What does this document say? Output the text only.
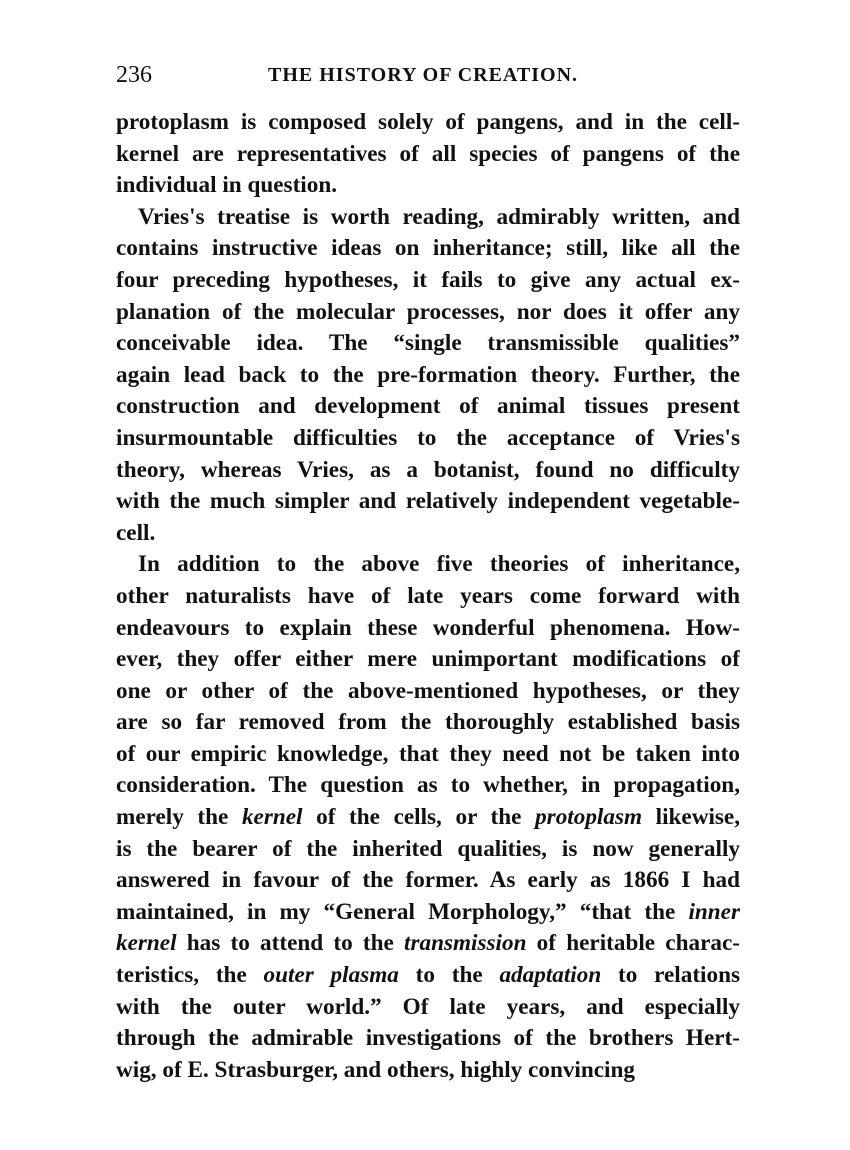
236	THE HISTORY OF CREATION.
protoplasm is composed solely of pangens, and in the cell-
kernel are representatives of all species of pangens of the
individual in question.
Vries's treatise is worth reading, admirably written, and
contains instructive ideas on inheritance; still, like all the
four preceding hypotheses, it fails to give any actual ex-
planation of the molecular processes, nor does it offer any
conceivable idea. The “single transmissible qualities”
again lead back to the pre-formation theory. Further, the
construction and development of animal tissues present
insurmountable difficulties to the acceptance of Vries's
theory, whereas Vries, as a botanist, found no difficulty
with the much simpler and relatively independent vegetable-
cell.
In addition to the above five theories of inheritance,
other naturalists have of late years come forward with
endeavours to explain these wonderful phenomena. How-
ever, they offer either mere unimportant modifications of
one or other of the above-mentioned hypotheses, or they
are so far removed from the thoroughly established basis
of our empiric knowledge, that they need not be taken into
consideration. The question as to whether, in propagation,
merely the kernel of the cells, or the protoplasm likewise,
is the bearer of the inherited qualities, is now generally
answered in favour of the former. As early as 1866 I had
maintained, in my “General Morphology,” “that the inner
kernel has to attend to the transmission of heritable charac-
teristics, the outer plasma to the adaptation to relations
with the outer world.” Of late years, and especially
through the admirable investigations of the brothers Hert-
wig, of E. Strasburger, and others, highly convincing
